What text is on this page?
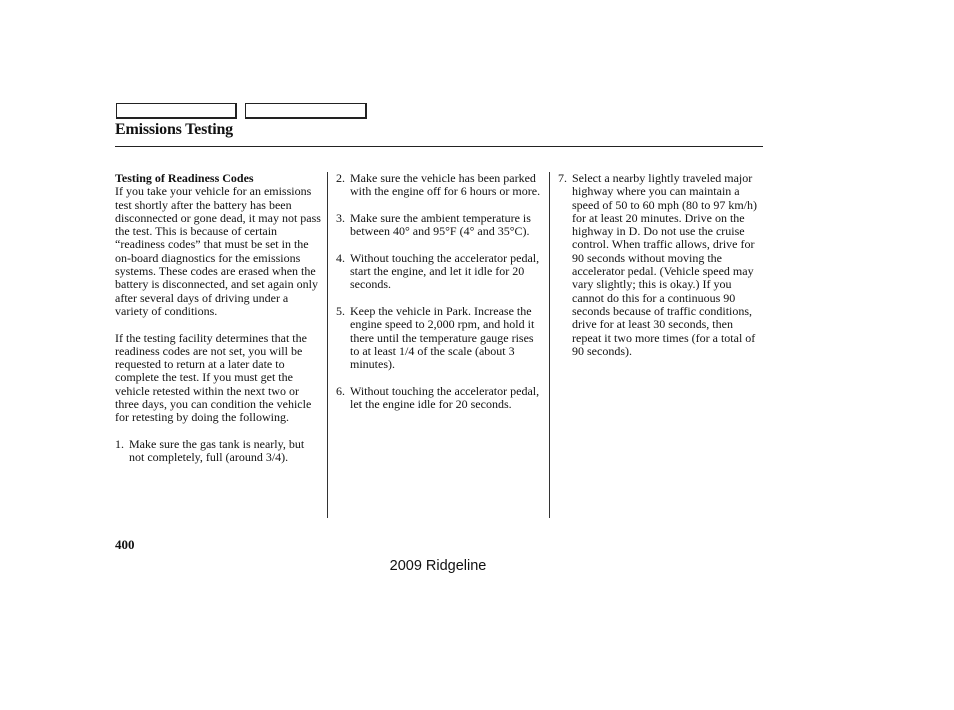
Emissions Testing
Testing of Readiness Codes

If you take your vehicle for an emissions test shortly after the battery has been disconnected or gone dead, it may not pass the test. This is because of certain “readiness codes” that must be set in the on-board diagnostics for the emissions systems. These codes are erased when the battery is disconnected, and set again only after several days of driving under a variety of conditions.

If the testing facility determines that the readiness codes are not set, you will be requested to return at a later date to complete the test. If you must get the vehicle retested within the next two or three days, you can condition the vehicle for retesting by doing the following.

1. Make sure the gas tank is nearly, but not completely, full (around 3/4).
2. Make sure the vehicle has been parked with the engine off for 6 hours or more.
3. Make sure the ambient temperature is between 40° and 95°F (4° and 35°C).
4. Without touching the accelerator pedal, start the engine, and let it idle for 20 seconds.
5. Keep the vehicle in Park. Increase the engine speed to 2,000 rpm, and hold it there until the temperature gauge rises to at least 1/4 of the scale (about 3 minutes).
6. Without touching the accelerator pedal, let the engine idle for 20 seconds.
7. Select a nearby lightly traveled major highway where you can maintain a speed of 50 to 60 mph (80 to 97 km/h) for at least 20 minutes. Drive on the highway in D. Do not use the cruise control. When traffic allows, drive for 90 seconds without moving the accelerator pedal. (Vehicle speed may vary slightly; this is okay.) If you cannot do this for a continuous 90 seconds because of traffic conditions, drive for at least 30 seconds, then repeat it two more times (for a total of 90 seconds).
400
2009 Ridgeline
